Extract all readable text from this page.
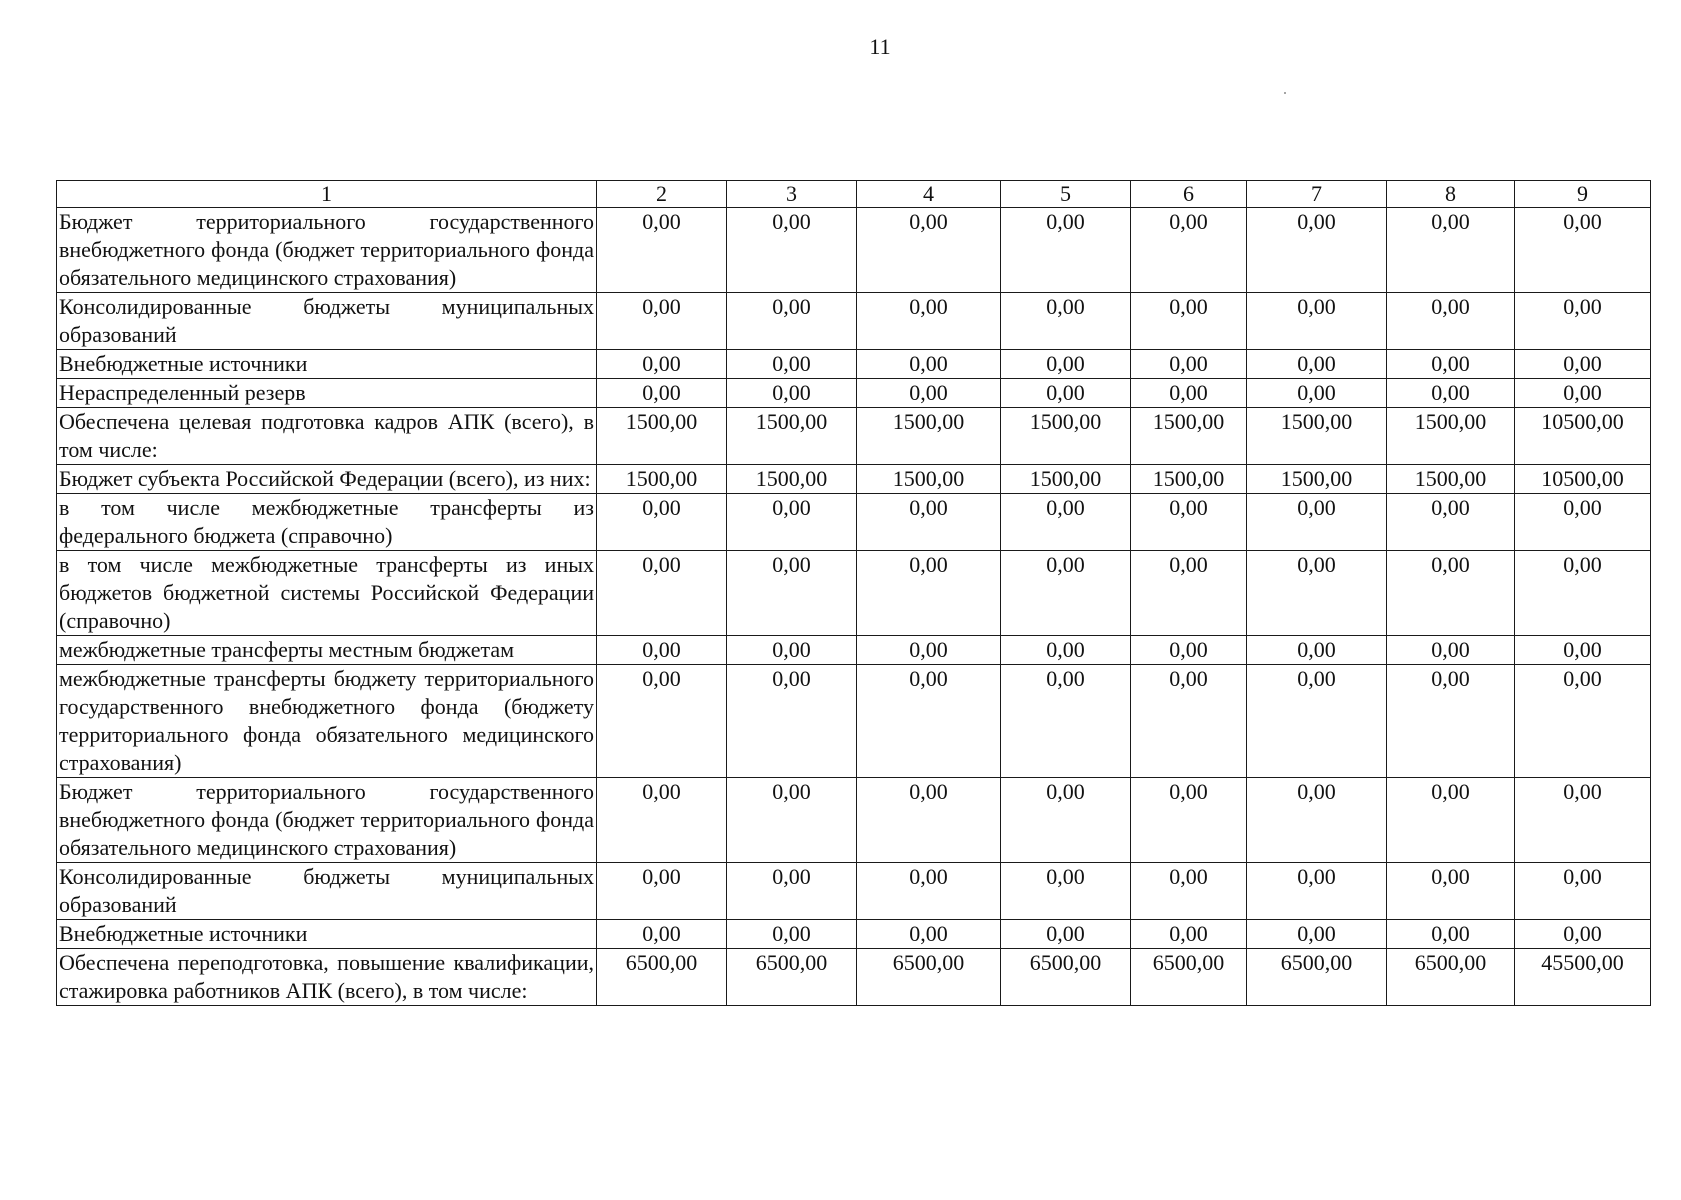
11
1	2	3	4	5	6	7	8	9
Бюджет территориального государственного внебюджетного фонда (бюджет территориального фонда обязательного медицинского страхования)	0,00	0,00	0,00	0,00	0,00	0,00	0,00	0,00
Консолидированные бюджеты муниципальных образований	0,00	0,00	0,00	0,00	0,00	0,00	0,00	0,00
Внебюджетные источники	0,00	0,00	0,00	0,00	0,00	0,00	0,00	0,00
Нераспределенный резерв	0,00	0,00	0,00	0,00	0,00	0,00	0,00	0,00
Обеспечена целевая подготовка кадров АПК (всего), в том числе:	1500,00	1500,00	1500,00	1500,00	1500,00	1500,00	1500,00	10500,00
Бюджет субъекта Российской Федерации (всего), из них:	1500,00	1500,00	1500,00	1500,00	1500,00	1500,00	1500,00	10500,00
в том числе межбюджетные трансферты из федерального бюджета (справочно)	0,00	0,00	0,00	0,00	0,00	0,00	0,00	0,00
в том числе межбюджетные трансферты из иных бюджетов бюджетной системы Российской Федерации (справочно)	0,00	0,00	0,00	0,00	0,00	0,00	0,00	0,00
межбюджетные трансферты местным бюджетам	0,00	0,00	0,00	0,00	0,00	0,00	0,00	0,00
межбюджетные трансферты бюджету территориального государственного внебюджетного фонда (бюджету территориального фонда обязательного медицинского страхования)	0,00	0,00	0,00	0,00	0,00	0,00	0,00	0,00
Бюджет территориального государственного внебюджетного фонда (бюджет территориального фонда обязательного медицинского страхования)	0,00	0,00	0,00	0,00	0,00	0,00	0,00	0,00
Консолидированные бюджеты муниципальных образований	0,00	0,00	0,00	0,00	0,00	0,00	0,00	0,00
Внебюджетные источники	0,00	0,00	0,00	0,00	0,00	0,00	0,00	0,00
Обеспечена переподготовка, повышение квалификации, стажировка работников АПК (всего), в том числе:	6500,00	6500,00	6500,00	6500,00	6500,00	6500,00	6500,00	45500,00
